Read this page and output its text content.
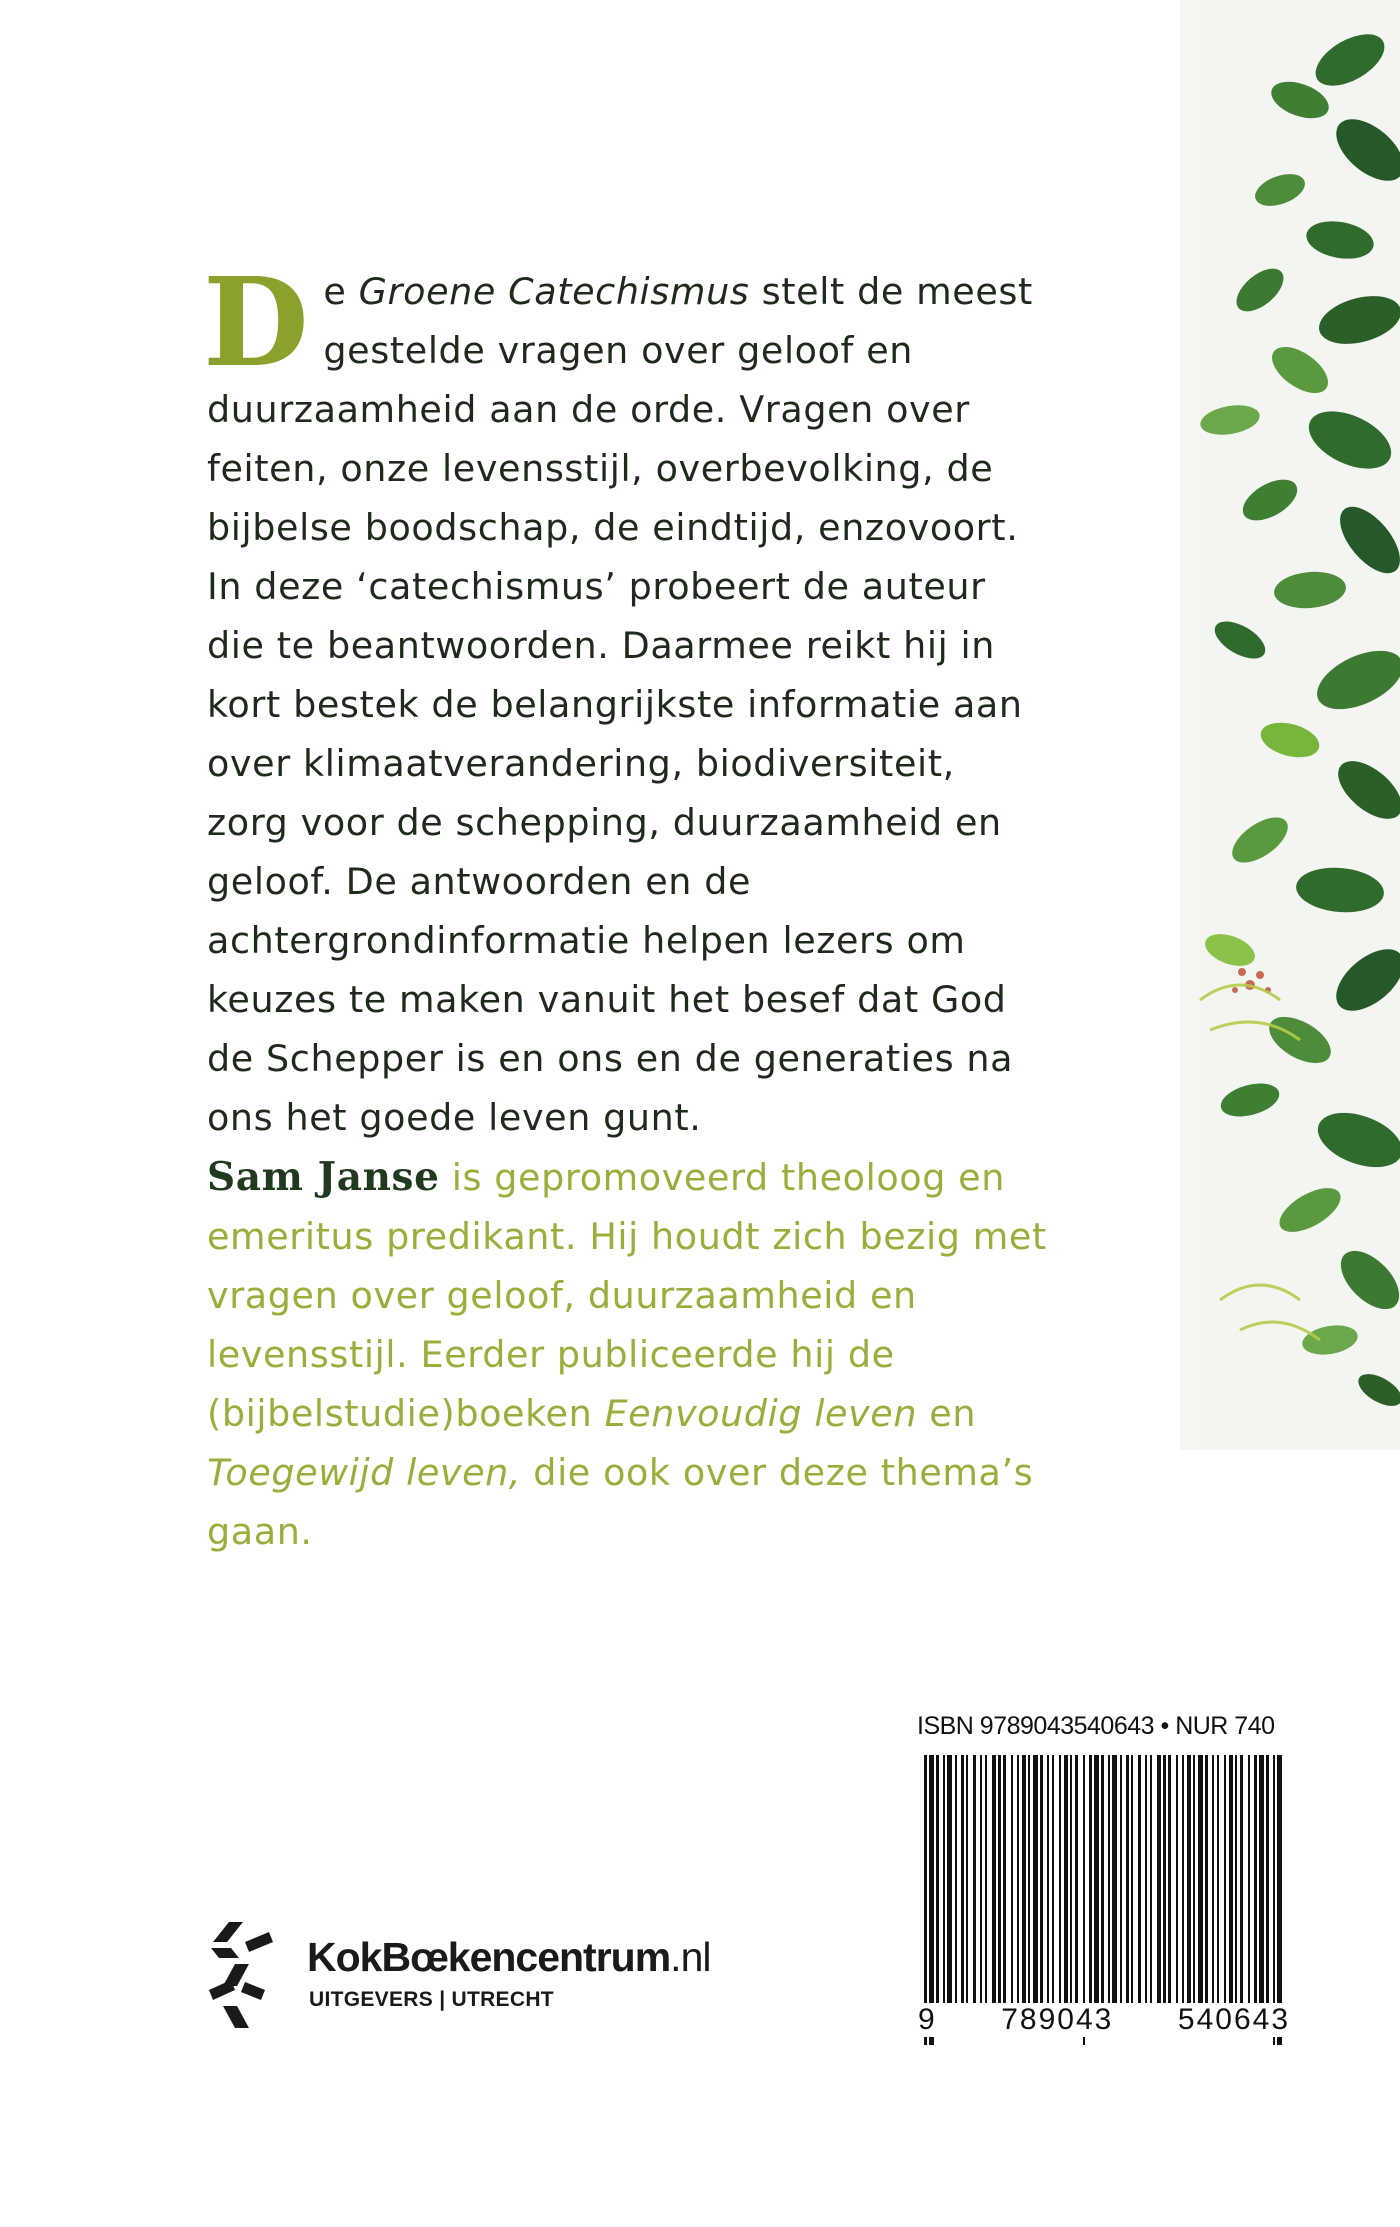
De Groene Catechismus stelt de meest gestelde vragen over geloof en duurzaamheid aan de orde. Vragen over feiten, onze levensstijl, overbevolking, de bijbelse boodschap, de eindtijd, enzovoort. In deze ‘catechismus’ probeert de auteur die te beantwoorden. Daarmee reikt hij in kort bestek de belangrijkste informatie aan over klimaatverandering, biodiversiteit, zorg voor de schepping, duurzaamheid en geloof. De antwoorden en de achtergrondinformatie helpen lezers om keuzes te maken vanuit het besef dat God de Schepper is en ons en de generaties na ons het goede leven gunt.
Sam Janse is gepromoveerd theoloog en emeritus predikant. Hij houdt zich bezig met vragen over geloof, duurzaamheid en levensstijl. Eerder publiceerde hij de (bijbelstudie)boeken Eenvoudig leven en Toegewijd leven, die ook over deze thema’s gaan.
ISBN 9789043540643 • NUR 740
9 789043 540643
KokBœkencentrum.nl
UITGEVERS | UTRECHT
